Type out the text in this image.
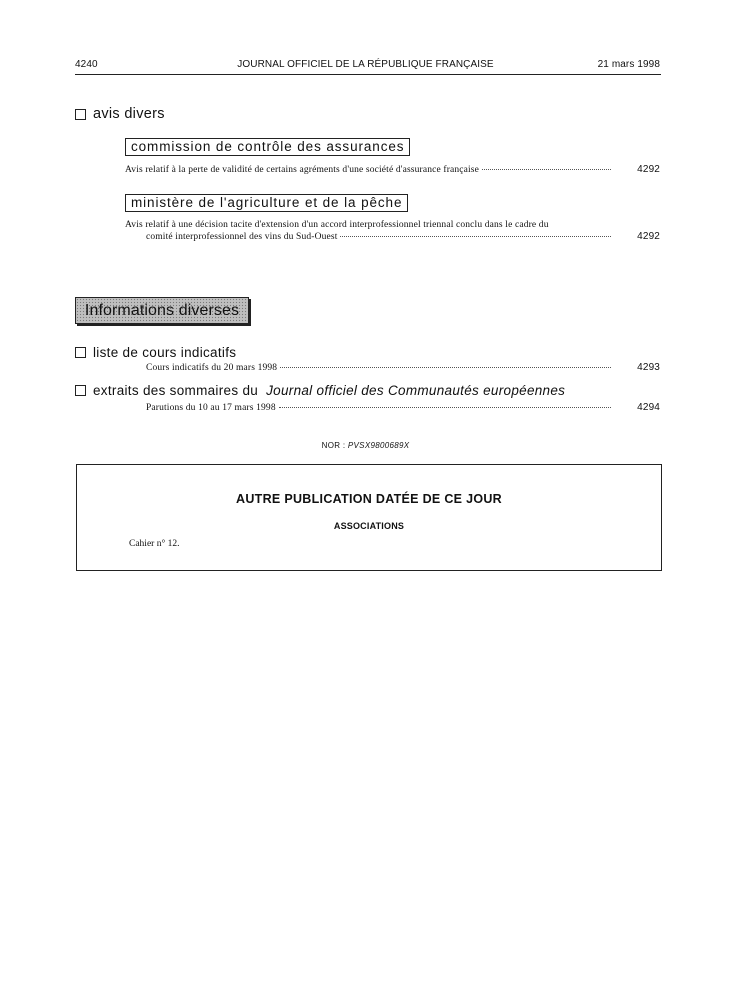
4240	JOURNAL OFFICIEL DE LA RÉPUBLIQUE FRANÇAISE	21 mars 1998
avis divers
commission de contrôle des assurances
Avis relatif à la perte de validité de certains agréments d'une société d'assurance française	4292
ministère de l'agriculture et de la pêche
Avis relatif à une décision tacite d'extension d'un accord interprofessionnel triennal conclu dans le cadre du
comité interprofessionnel des vins du Sud-Ouest	4292
Informations diverses
liste de cours indicatifs
Cours indicatifs du 20 mars 1998	4293
extraits des sommaires du Journal officiel des Communautés européennes
Parutions du 10 au 17 mars 1998	4294
NOR : PVSX9800689X
AUTRE PUBLICATION DATÉE DE CE JOUR
ASSOCIATIONS
Cahier n° 12.
